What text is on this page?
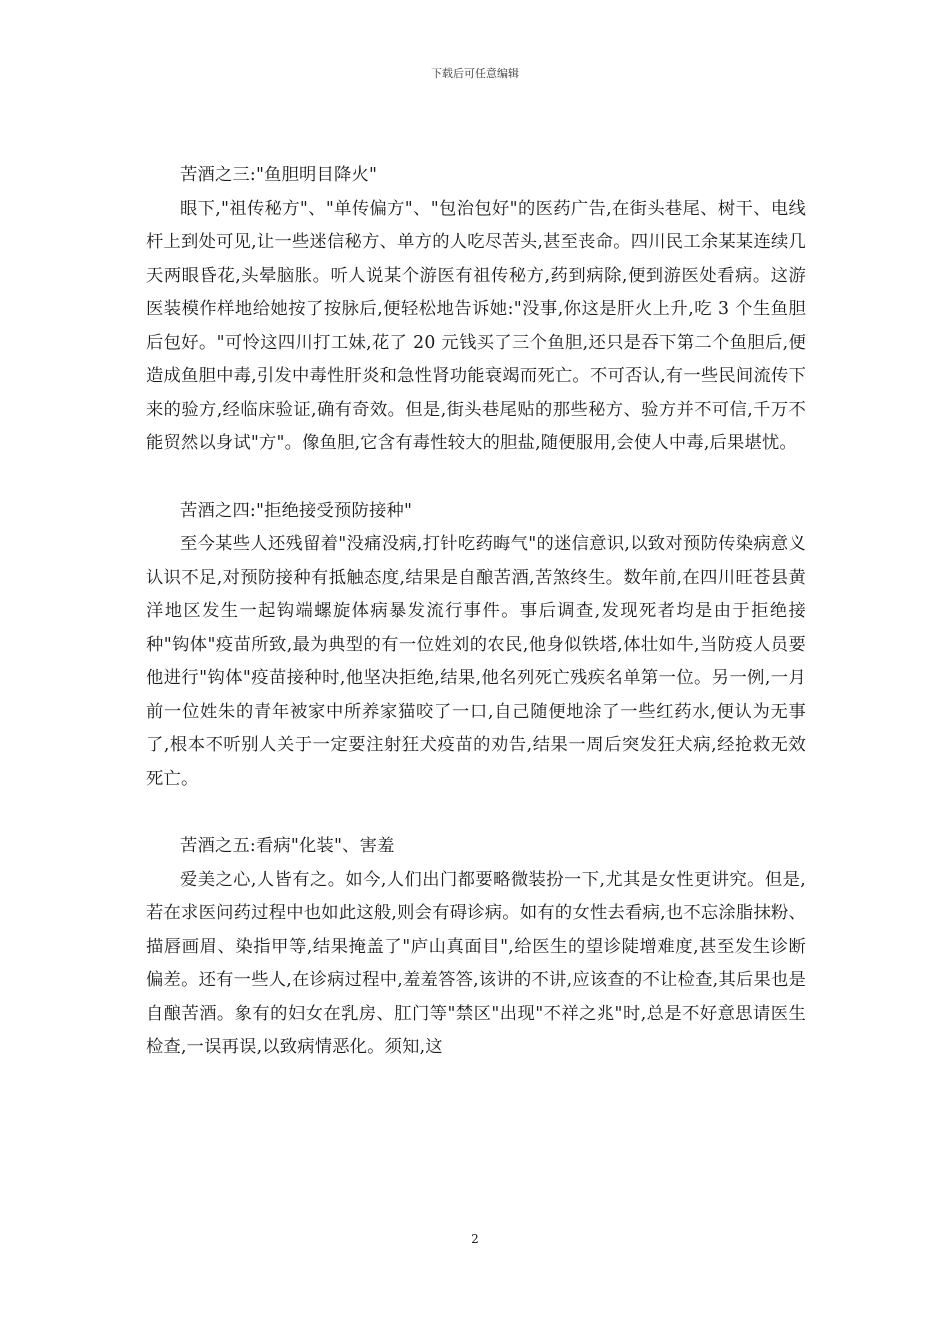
下载后可任意编辑

苦酒之三:"鱼胆明目降火"

眼下,"祖传秘方"、"单传偏方"、"包治包好"的医药广告,在街头巷尾、树干、电线杆上到处可见,让一些迷信秘方、单方的人吃尽苦头,甚至丧命。四川民工余某某连续几天两眼昏花,头晕脑胀。听人说某个游医有祖传秘方,药到病除,便到游医处看病。这游医装模作样地给她按了按脉后,便轻松地告诉她:"没事,你这是肝火上升,吃 3 个生鱼胆后包好。"可怜这四川打工妹,花了 20 元钱买了三个鱼胆,还只是吞下第二个鱼胆后,便造成鱼胆中毒,引发中毒性肝炎和急性肾功能衰竭而死亡。不可否认,有一些民间流传下来的验方,经临床验证,确有奇效。但是,街头巷尾贴的那些秘方、验方并不可信,千万不能贸然以身试"方"。像鱼胆,它含有毒性较大的胆盐,随便服用,会使人中毒,后果堪忧。

苦酒之四:"拒绝接受预防接种"

至今某些人还残留着"没痛没病,打针吃药晦气"的迷信意识,以致对预防传染病意义认识不足,对预防接种有抵触态度,结果是自酿苦酒,苦煞终生。数年前,在四川旺苍县黄洋地区发生一起钩端螺旋体病暴发流行事件。事后调查,发现死者均是由于拒绝接种"钩体"疫苗所致,最为典型的有一位姓刘的农民,他身似铁塔,体壮如牛,当防疫人员要他进行"钩体"疫苗接种时,他坚决拒绝,结果,他名列死亡残疾名单第一位。另一例,一月前一位姓朱的青年被家中所养家猫咬了一口,自己随便地涂了一些红药水,便认为无事了,根本不听别人关于一定要注射狂犬疫苗的劝告,结果一周后突发狂犬病,经抢救无效死亡。

苦酒之五:看病"化装"、害羞

爱美之心,人皆有之。如今,人们出门都要略微装扮一下,尤其是女性更讲究。但是,若在求医问药过程中也如此这般,则会有碍诊病。如有的女性去看病,也不忘涂脂抹粉、描唇画眉、染指甲等,结果掩盖了"庐山真面目",给医生的望诊陡增难度,甚至发生诊断偏差。还有一些人,在诊病过程中,羞羞答答,该讲的不讲,应该查的不让检查,其后果也是自酿苦酒。象有的妇女在乳房、肛门等"禁区"出现"不祥之兆"时,总是不好意思请医生检查,一误再误,以致病情恶化。须知,这

2
